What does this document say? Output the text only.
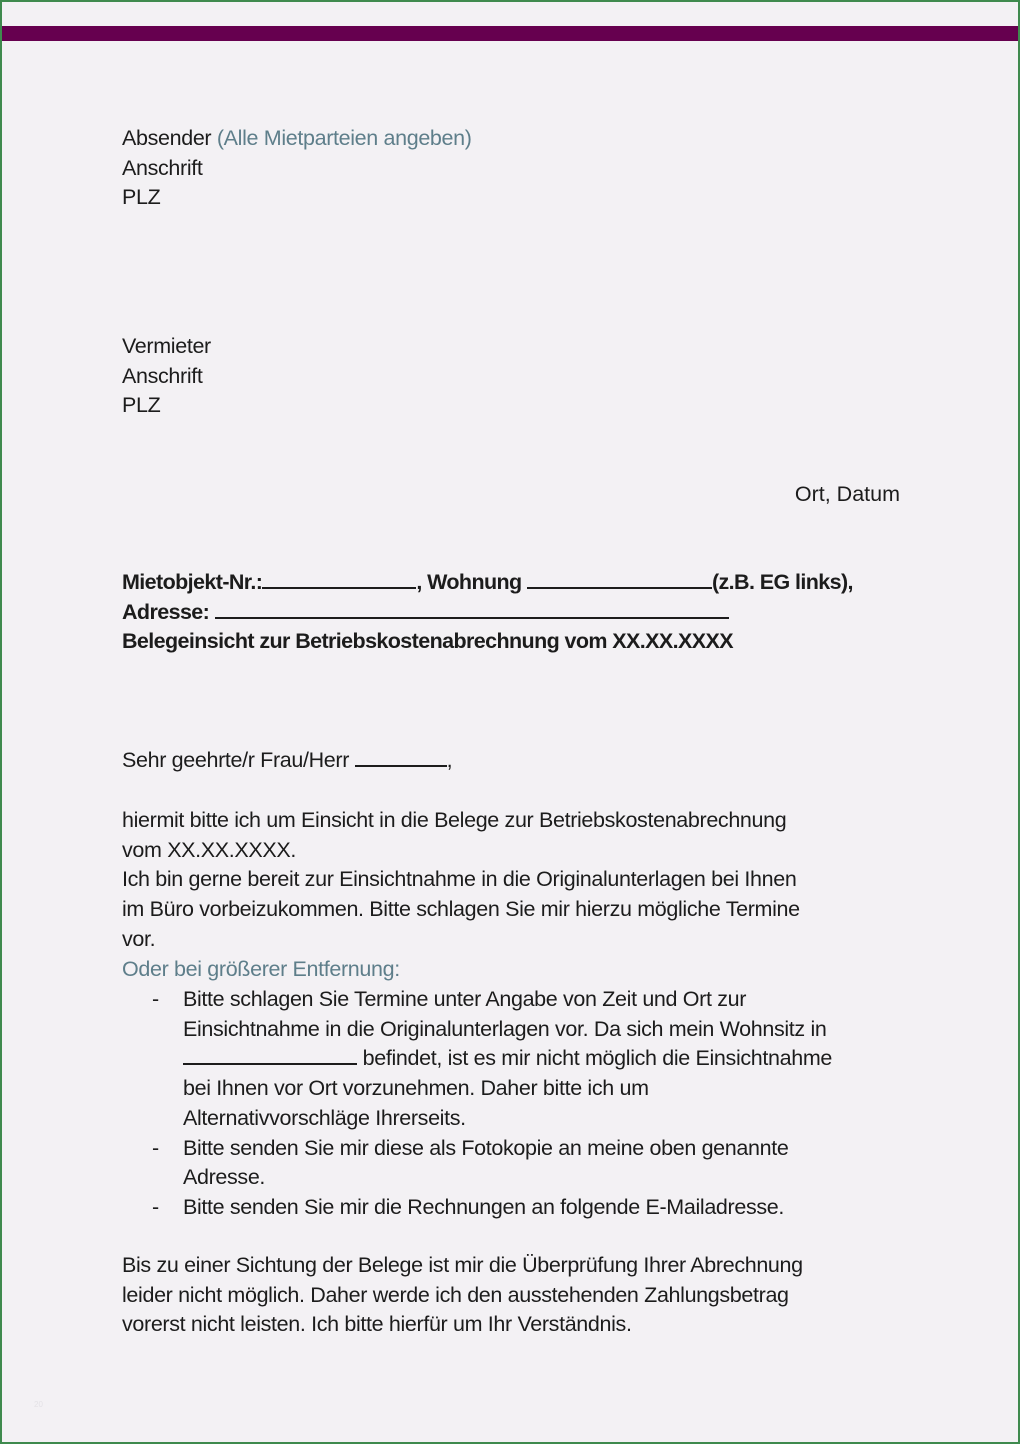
Absender (Alle Mietparteien angeben)
Anschrift
PLZ
Vermieter
Anschrift
PLZ
Ort, Datum
Mietobjekt-Nr.:	, Wohnung	(z.B. EG links),
Adresse:
Belegeinsicht zur Betriebskostenabrechnung vom XX.XX.XXXX
Sehr geehrte/r Frau/Herr	,
hiermit bitte ich um Einsicht in die Belege zur Betriebskostenabrechnung
vom XX.XX.XXXX.
Ich bin gerne bereit zur Einsichtnahme in die Originalunterlagen bei Ihnen
im Büro vorbeizukommen. Bitte schlagen Sie mir hierzu mögliche Termine
vor.
Oder bei größerer Entfernung:
- Bitte schlagen Sie Termine unter Angabe von Zeit und Ort zur
Einsichtnahme in die Originalunterlagen vor. Da sich mein Wohnsitz in
befindet, ist es mir nicht möglich die Einsichtnahme
bei Ihnen vor Ort vorzunehmen. Daher bitte ich um
Alternativvorschläge Ihrerseits.
- Bitte senden Sie mir diese als Fotokopie an meine oben genannte
Adresse.
- Bitte senden Sie mir die Rechnungen an folgende E-Mailadresse.
Bis zu einer Sichtung der Belege ist mir die Überprüfung Ihrer Abrechnung
leider nicht möglich. Daher werde ich den ausstehenden Zahlungsbetrag
vorerst nicht leisten. Ich bitte hierfür um Ihr Verständnis.
20
